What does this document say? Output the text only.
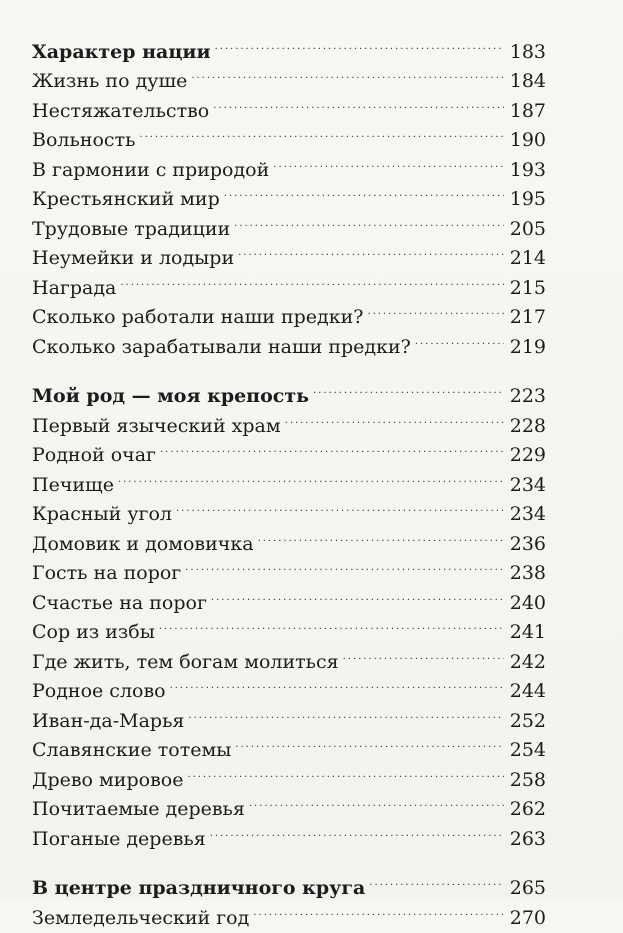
Характер нации . . .	183
Жизнь по душе . . .	184
Нестяжательство . . .	187
Вольность . . .	190
В гармонии с природой . . .	193
Крестьянский мир . . .	195
Трудовые традиции . . .	205
Неумейки и лодыри . . .	214
Награда . . .	215
Сколько работали наши предки? . . .	217
Сколько зарабатывали наши предки? . . .	219
Мой род — моя крепость . . .	223
Первый языческий храм . . .	228
Родной очаг . . .	229
Печище . . .	234
Красный угол . . .	234
Домовик и домовичка . . .	236
Гость на порог . . .	238
Счастье на порог . . .	240
Сор из избы . . .	241
Где жить, тем богам молиться . . .	242
Родное слово . . .	244
Иван-да-Марья . . .	252
Славянские тотемы . . .	254
Древо мировое . . .	258
Почитаемые деревья . . .	262
Поганые деревья . . .	263
В центре праздничного круга . . .	265
Земледельческий год . . .	270
